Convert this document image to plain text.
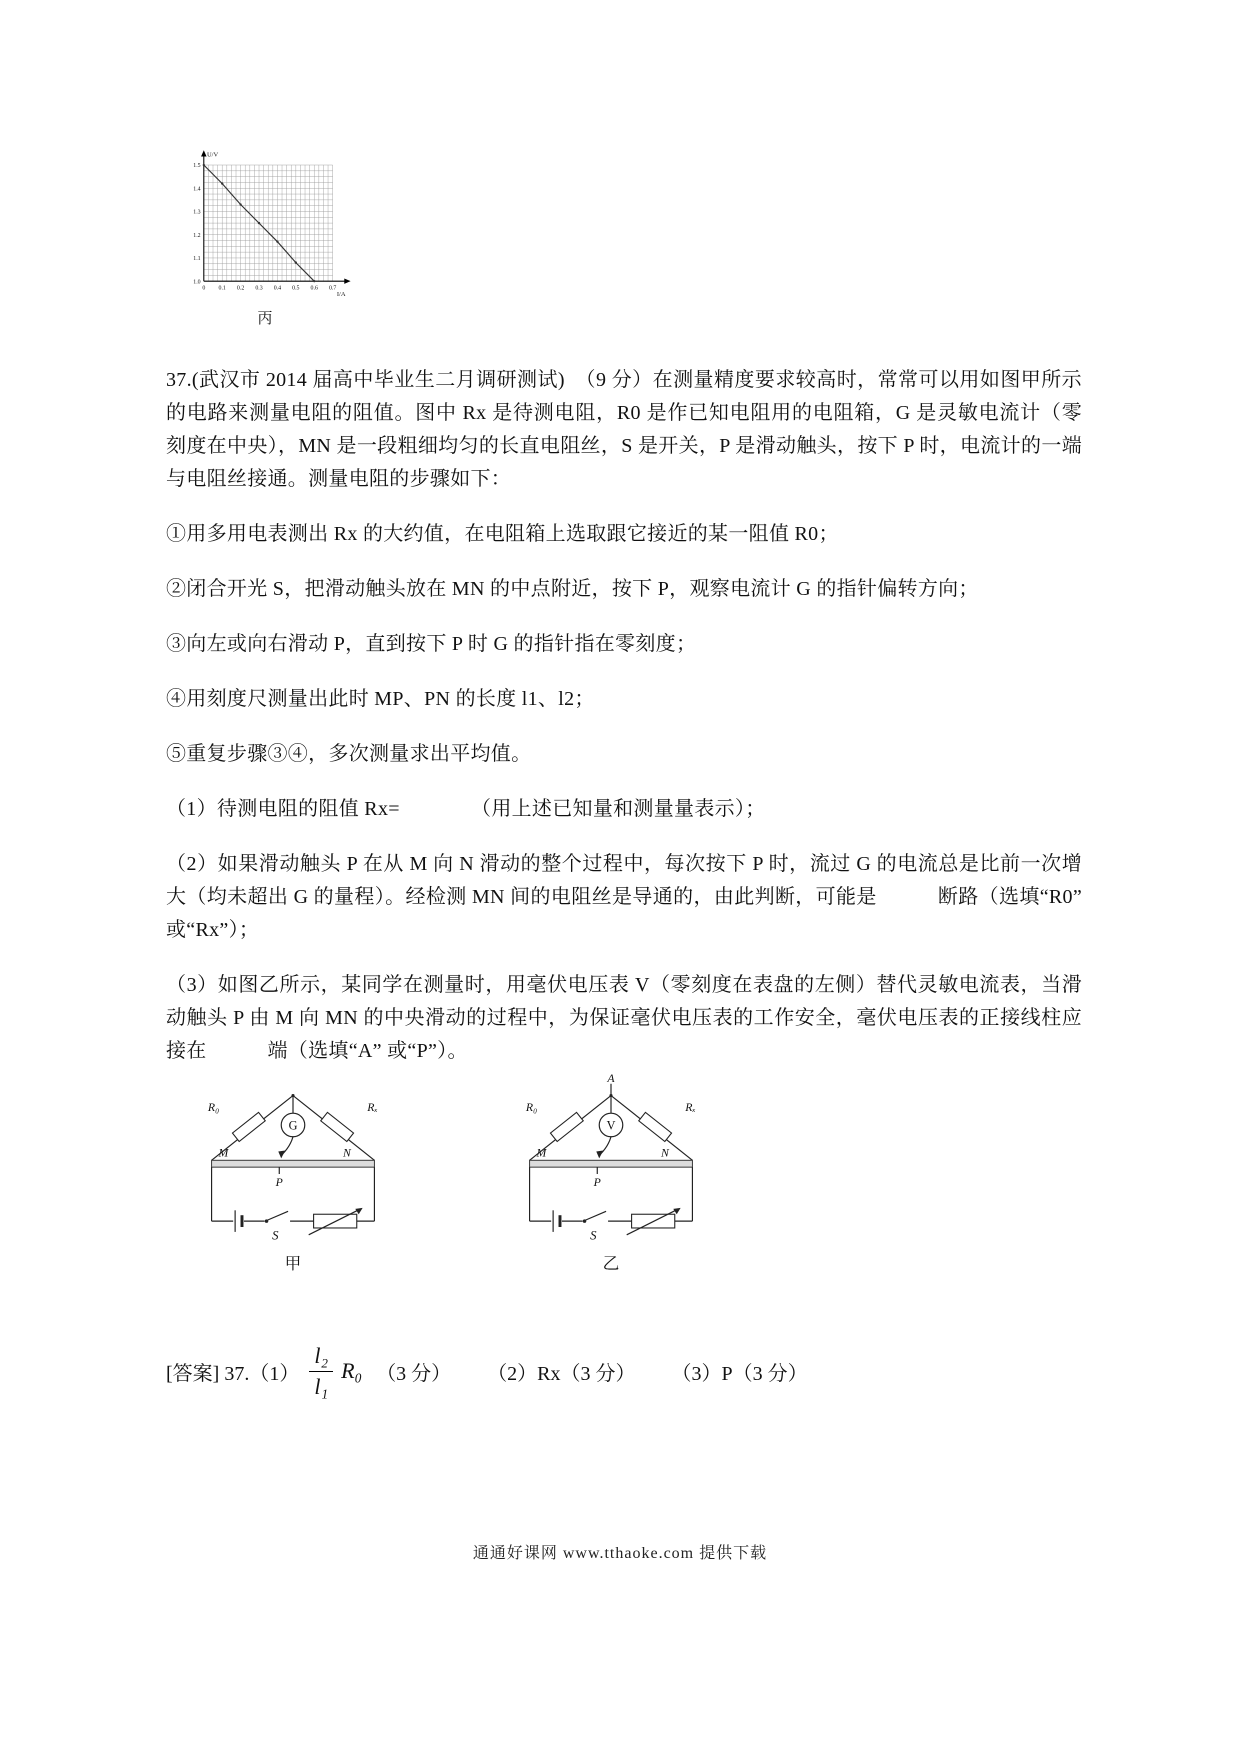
1.0
1.1
1.2
1.3
1.4
1.5
0 0.1 0.2 0.3 0.4 0.5 0.6 0.7
U/V
I/A
丙

37.(武汉市 2014 届高中毕业生二月调研测试)　（9 分）在测量精度要求较高时，常常可以用如图甲所示的电路来测量电阻的阻值。图中 Rx 是待测电阻，R0 是作已知电阻用的电阻箱，G 是灵敏电流计（零刻度在中央），MN 是一段粗细均匀的长直电阻丝，S 是开关，P 是滑动触头，按下 P 时，电流计的一端与电阻丝接通。测量电阻的步骤如下：

①用多用电表测出 Rx 的大约值，在电阻箱上选取跟它接近的某一阻值 R0；

②闭合开光 S，把滑动触头放在 MN 的中点附近，按下 P，观察电流计 G 的指针偏转方向；

③向左或向右滑动 P，直到按下 P 时 G 的指针指在零刻度；

④用刻度尺测量出此时 MP、PN 的长度 l1、l2；

⑤重复步骤③④，多次测量求出平均值。

（1）待测电阻的阻值 Rx=　　　　（用上述已知量和测量量表示）；

（2）如果滑动触头 P 在从 M 向 N 滑动的整个过程中，每次按下 P 时，流过 G 的电流总是比前一次增大（均未超出 G 的量程）。经检测 MN 间的电阻丝是导通的，由此判断，可能是　　　断路（选填“R0” 或“Rx”）；

（3）如图乙所示，某同学在测量时，用毫伏电压表 V（零刻度在表盘的左侧）替代灵敏电流表，当滑动触头 P 由 M 向 MN 的中央滑动的过程中，为保证毫伏电压表的工作安全，毫伏电压表的正接线柱应接在　　　端（选填“A” 或“P”）。

R₀	Rₓ
G
M	N
P
S
甲
A
R₀	Rₓ
V
M	N
P
S
乙
[答案] $37.(1) \frac{\text{l₂}}{\text{l₁}} R_0$ （3 分） （2）Rx（3 分） （3）P（3 分）
通通好课网 www.tthaoke.com 提供下载
